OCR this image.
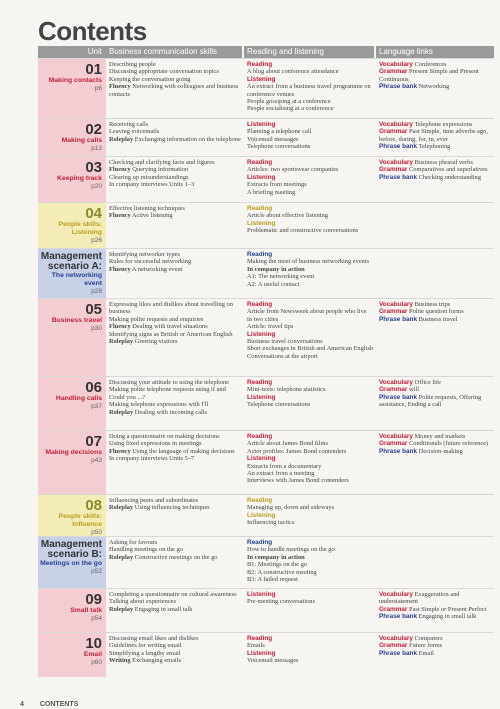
Contents
Unit Business communication skills	Reading and listening	Language links
01
Making contacts
p6
Describing people
Discussing appropriate conversation topics
Keeping the conversation going
Fluency Networking with colleagues and business contacts
Reading
A blog about conference attendance
Listening
An extract from a business travel programme on conference venues
People gossiping at a conference
People socialising at a conference
Vocabulary Conferences
Grammar Present Simple and Present Continuous
Phrase bank Networking
02
Making calls
p13
Receiving calls
Leaving voicemails
Roleplay Exchanging information on the telephone
Listening
Planning a telephone call
Voicemail messages
Telephone conversations
Vocabulary Telephone expressions
Grammar Past Simple, time adverbs ago, before, during, for, in, ever
Phrase bank Telephoning
03
Keeping track
p20
Checking and clarifying facts and figures
Fluency Querying information
Clearing up misunderstandings
In company interviews Units 1–3
Reading
Articles: two sportswear companies
Listening
Extracts from meetings
A briefing meeting
Vocabulary Business phrasal verbs
Grammar Comparatives and superlatives
Phrase bank Checking understanding
04
People skills: Listening
p26
Effective listening techniques
Fluency Active listening
Reading
Article about effective listening
Listening
Problematic and constructive conversations
Management scenario A:
The networking event
p28
Identifying networker types
Rules for successful networking
Fluency A networking event
Reading
Making the most of business networking events
In company in action
A1: The networking event
A2: A useful contact
05
Business travel
p30
Expressing likes and dislikes about travelling on business
Making polite requests and enquiries
Fluency Dealing with travel situations
Identifying signs as British or American English
Roleplay Greeting visitors
Reading
Article from Newsweek about people who live in two cities
Article: travel tips
Listening
Business travel conversations
Short exchanges in British and American English
Conversations at the airport
Vocabulary Business trips
Grammar Polite question forms
Phrase bank Business travel
06
Handling calls
p37
Discussing your attitude to using the telephone
Making polite telephone requests using if and Could you ...?
Making telephone expressions with I'll
Roleplay Dealing with incoming calls
Reading
Mini-texts: telephone statistics
Listening
Telephone conversations
Vocabulary Office life
Grammar will
Phrase bank Polite requests, Offering assistance, Ending a call
07
Making decisions
p43
Doing a questionnaire on making decisions
Using fixed expressions in meetings
Fluency Using the language of making decisions
In company interviews Units 5–7
Reading
Article about James Bond films
Actor profiles: James Bond contenders
Listening
Extracts from a documentary
An extract from a meeting
Interviews with James Bond contenders
Vocabulary Money and markets
Grammar Conditionals (future reference)
Phrase bank Decision-making
08
People skills: Influence
p50
Influencing peers and subordinates
Roleplay Using influencing techniques
Reading
Managing up, down and sideways
Listening
Influencing tactics
Management scenario B:
Meetings on the go
p52
Asking for favours
Handling meetings on the go
Roleplay Constructive meetings on the go
Reading
How to handle meetings on the go
In company in action
B1: Meetings on the go
B2: A constructive meeting
B3: A failed request
09
Small talk
p54
Completing a questionnaire on cultural awareness
Talking about experiences
Roleplay Engaging in small talk
Listening
Pre-meeting conversations
Vocabulary Exaggeration and understatement
Grammar Past Simple or Present Perfect
Phrase bank Engaging in small talk
10
Email
p60
Discussing email likes and dislikes
Guidelines for writing email
Simplifying a lengthy email
Writing Exchanging emails
Reading
Emails
Listening
Voicemail messages
Vocabulary Computers
Grammar Future forms
Phrase bank Email
4 CONTENTS
